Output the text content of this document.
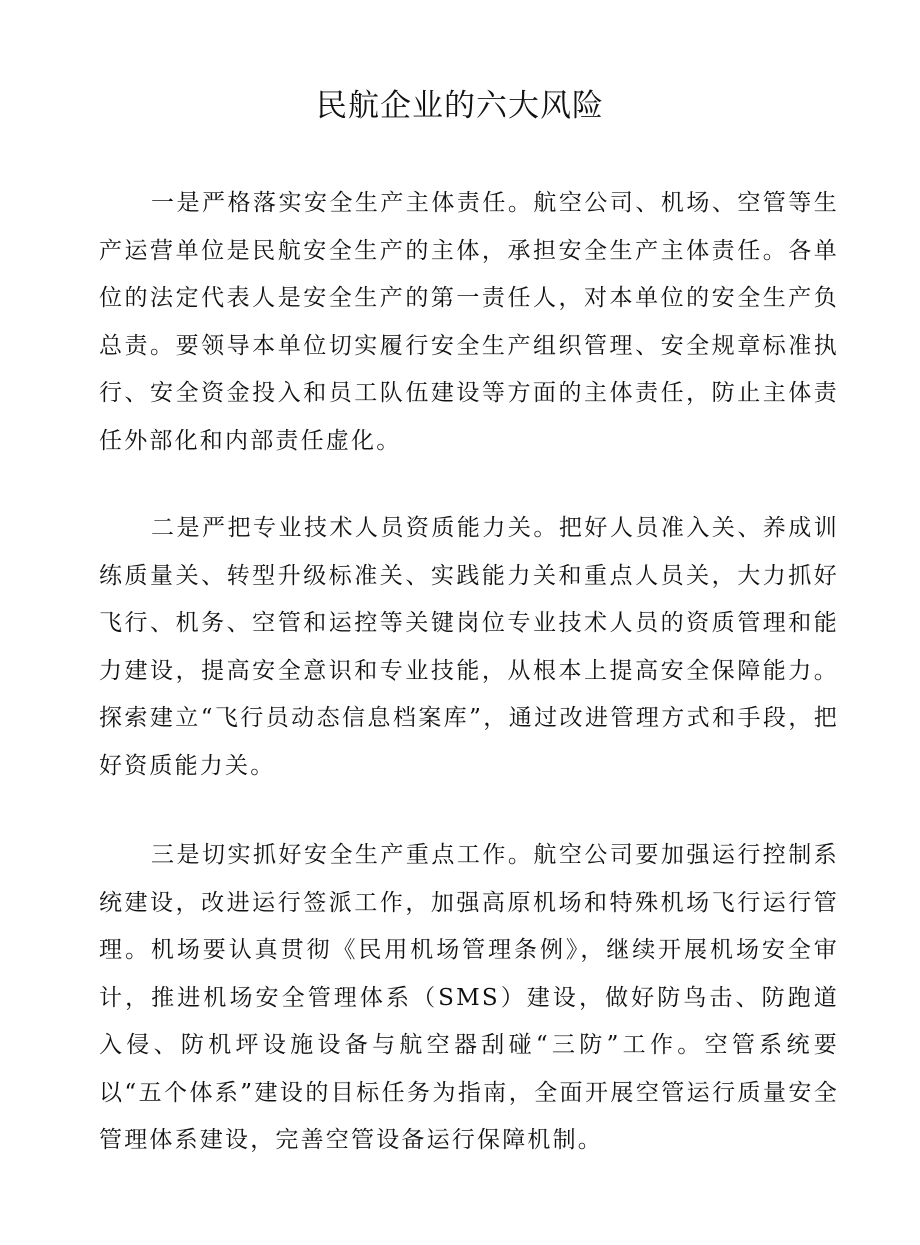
民航企业的六大风险

一是严格落实安全生产主体责任。航空公司、机场、空管等生产运营单位是民航安全生产的主体，承担安全生产主体责任。各单位的法定代表人是安全生产的第一责任人，对本单位的安全生产负总责。要领导本单位切实履行安全生产组织管理、安全规章标准执行、安全资金投入和员工队伍建设等方面的主体责任，防止主体责任外部化和内部责任虚化。

二是严把专业技术人员资质能力关。把好人员准入关、养成训练质量关、转型升级标准关、实践能力关和重点人员关，大力抓好飞行、机务、空管和运控等关键岗位专业技术人员的资质管理和能力建设，提高安全意识和专业技能，从根本上提高安全保障能力。探索建立“飞行员动态信息档案库”，通过改进管理方式和手段，把好资质能力关。

三是切实抓好安全生产重点工作。航空公司要加强运行控制系统建设，改进运行签派工作，加强高原机场和特殊机场飞行运行管理。机场要认真贯彻《民用机场管理条例》，继续开展机场安全审计，推进机场安全管理体系（SMS）建设，做好防鸟击、防跑道入侵、防机坪设施设备与航空器刮碰“三防”工作。空管系统要以“五个体系”建设的目标任务为指南，全面开展空管运行质量安全管理体系建设，完善空管设备运行保障机制。
